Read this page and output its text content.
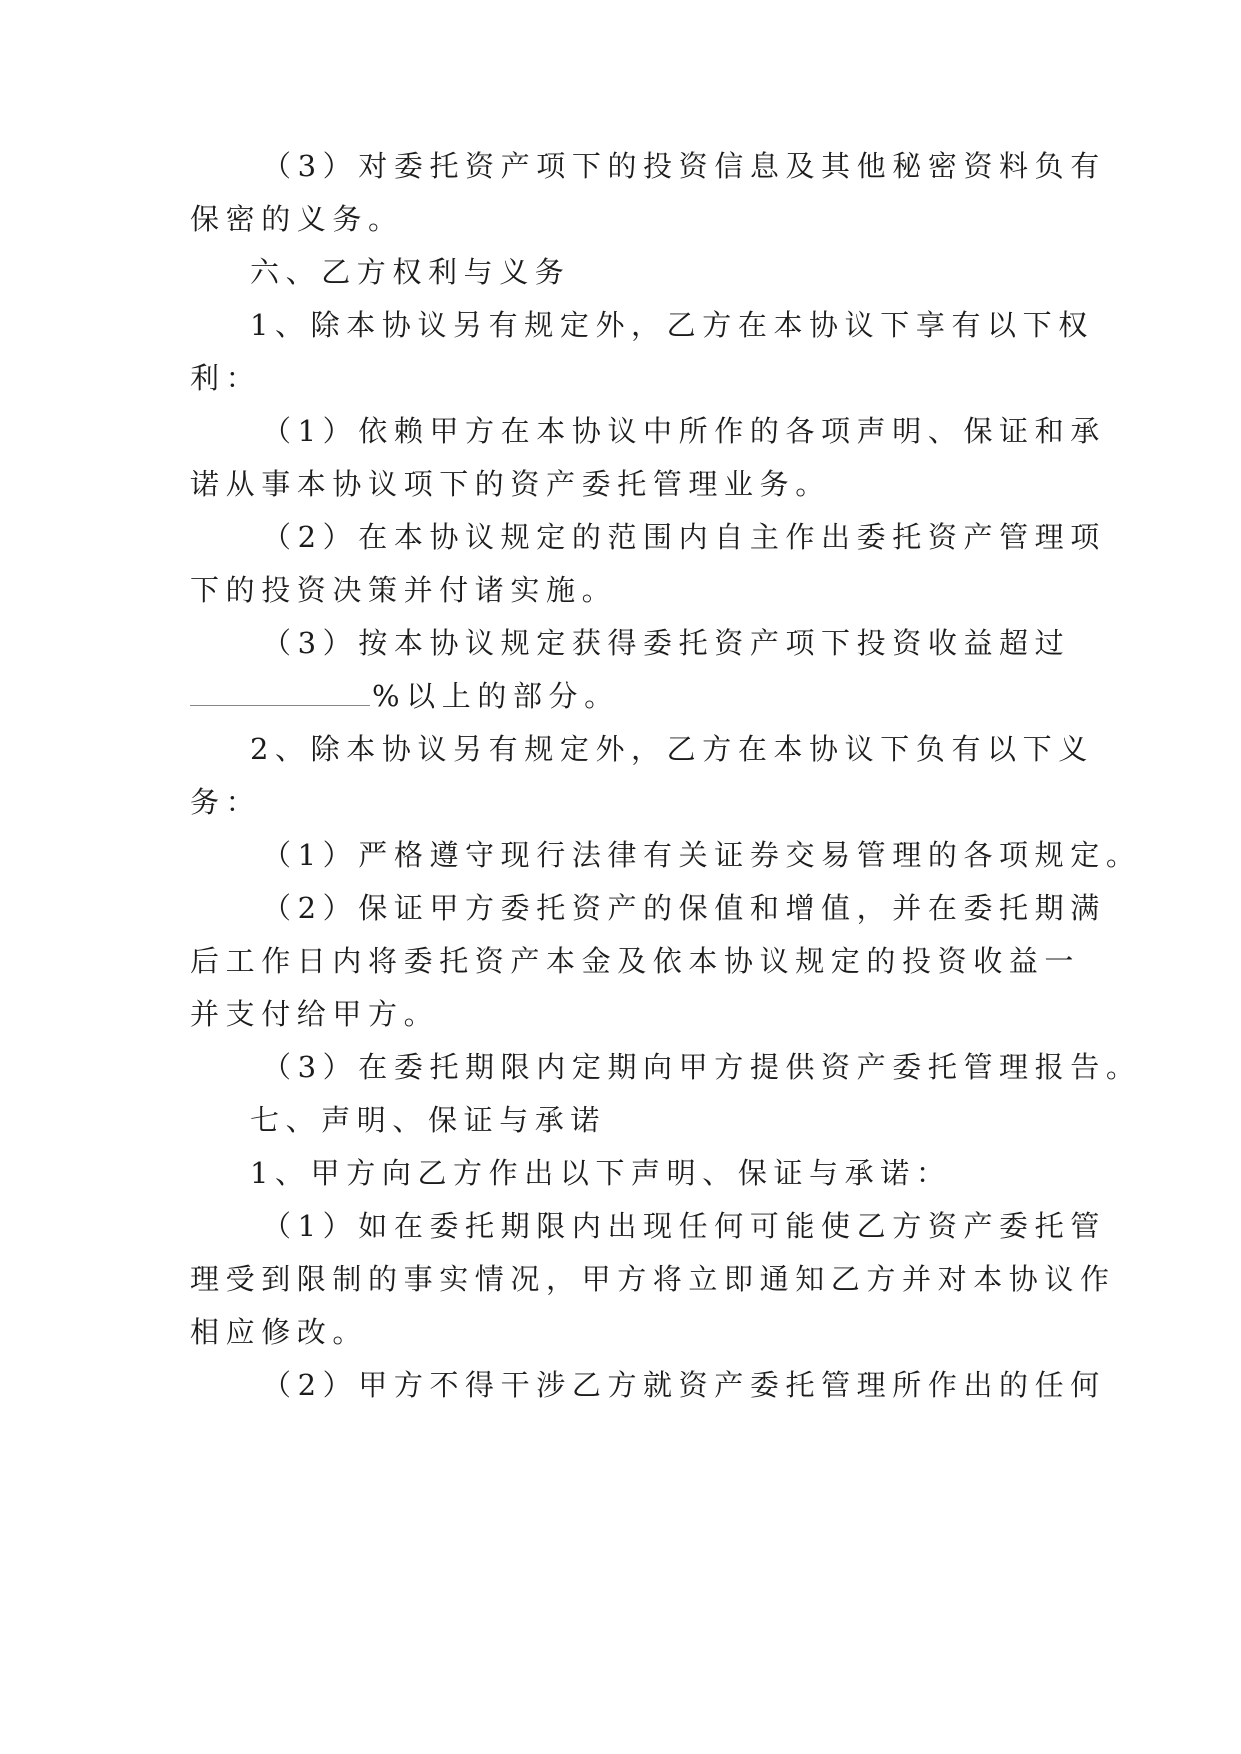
（3）对委托资产项下的投资信息及其他秘密资料负有
保密的义务。
六、乙方权利与义务
1、除本协议另有规定外，乙方在本协议下享有以下权
利：
（1）依赖甲方在本协议中所作的各项声明、保证和承
诺从事本协议项下的资产委托管理业务。
（2）在本协议规定的范围内自主作出委托资产管理项
下的投资决策并付诸实施。
（3）按本协议规定获得委托资产项下投资收益超过
%以上的部分。
2、除本协议另有规定外，乙方在本协议下负有以下义
务：
（1）严格遵守现行法律有关证券交易管理的各项规定。
（2）保证甲方委托资产的保值和增值，并在委托期满
后工作日内将委托资产本金及依本协议规定的投资收益一
并支付给甲方。
（3）在委托期限内定期向甲方提供资产委托管理报告。
七、声明、保证与承诺
1、甲方向乙方作出以下声明、保证与承诺：
（1）如在委托期限内出现任何可能使乙方资产委托管
理受到限制的事实情况，甲方将立即通知乙方并对本协议作
相应修改。
（2）甲方不得干涉乙方就资产委托管理所作出的任何
